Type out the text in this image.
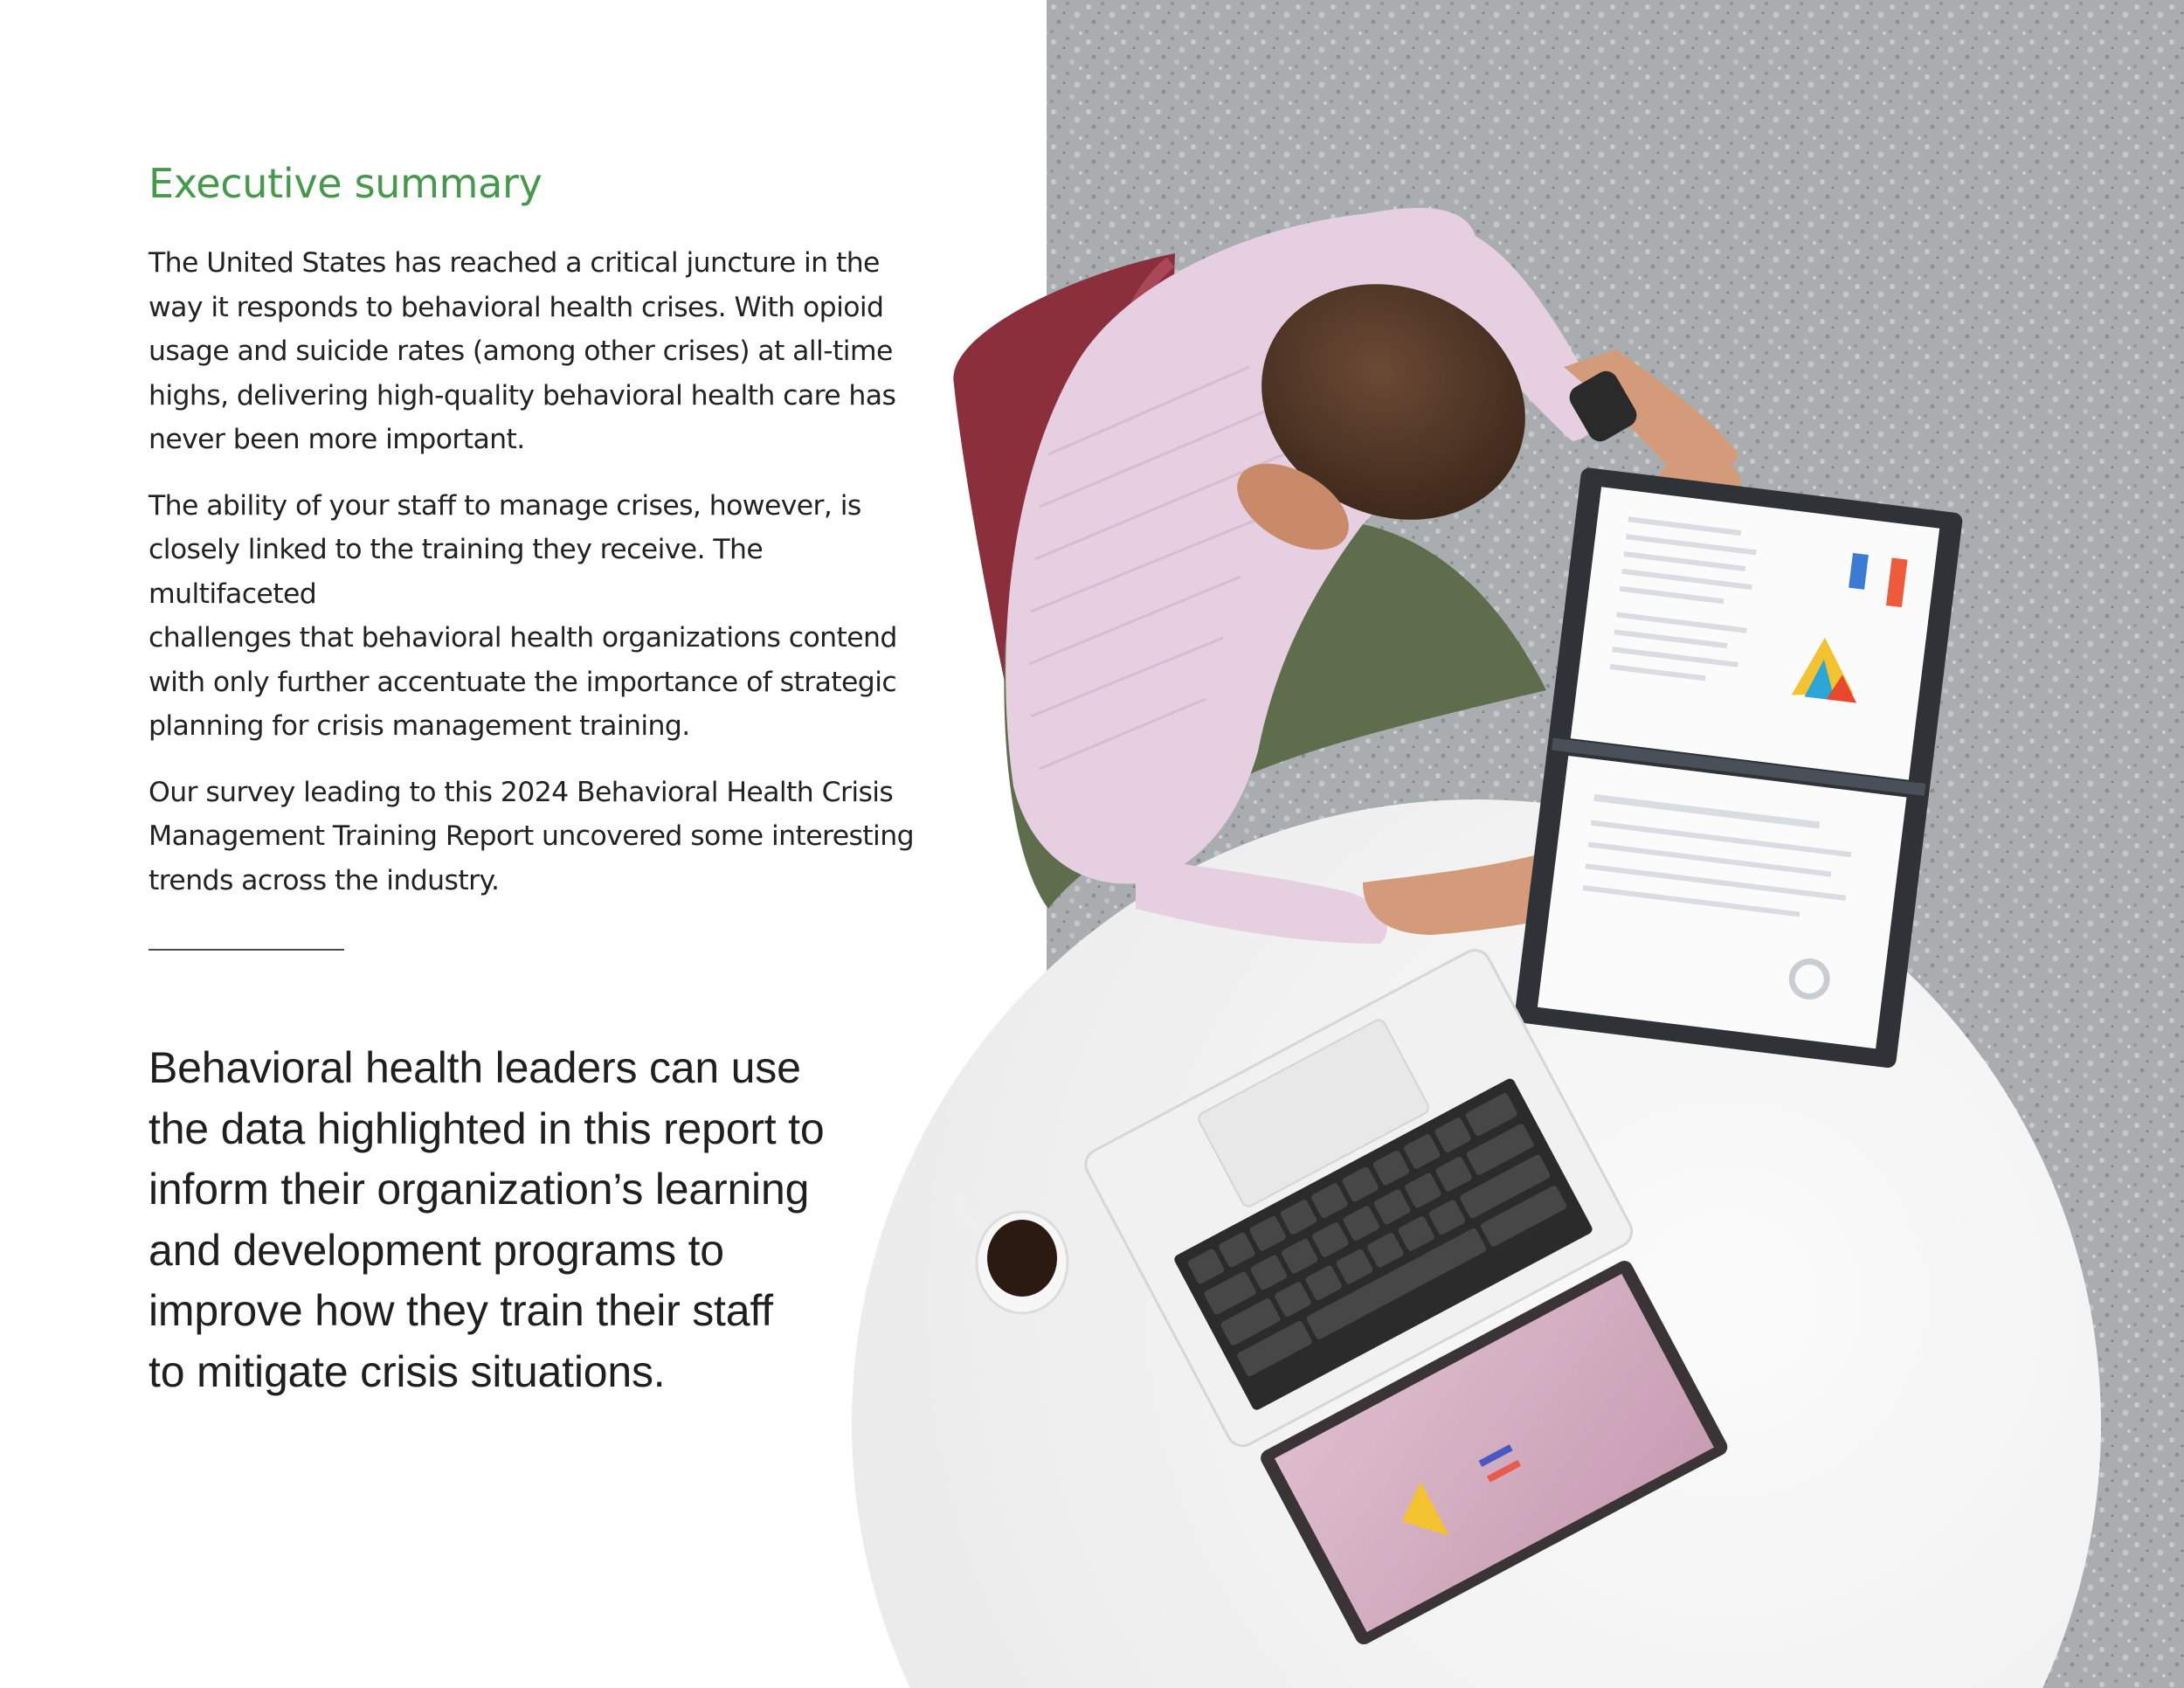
Executive summary

The United States has reached a critical juncture in the
way it responds to behavioral health crises. With opioid
usage and suicide rates (among other crises) at all-time
highs, delivering high-quality behavioral health care has
never been more important.

The ability of your staff to manage crises, however, is
closely linked to the training they receive. The multifaceted
challenges that behavioral health organizations contend
with only further accentuate the importance of strategic
planning for crisis management training.

Our survey leading to this 2024 Behavioral Health Crisis
Management Training Report uncovered some interesting
trends across the industry.

Behavioral health leaders can use
the data highlighted in this report to
inform their organization’s learning
and development programs to
improve how they train their staff
to mitigate crisis situations.
